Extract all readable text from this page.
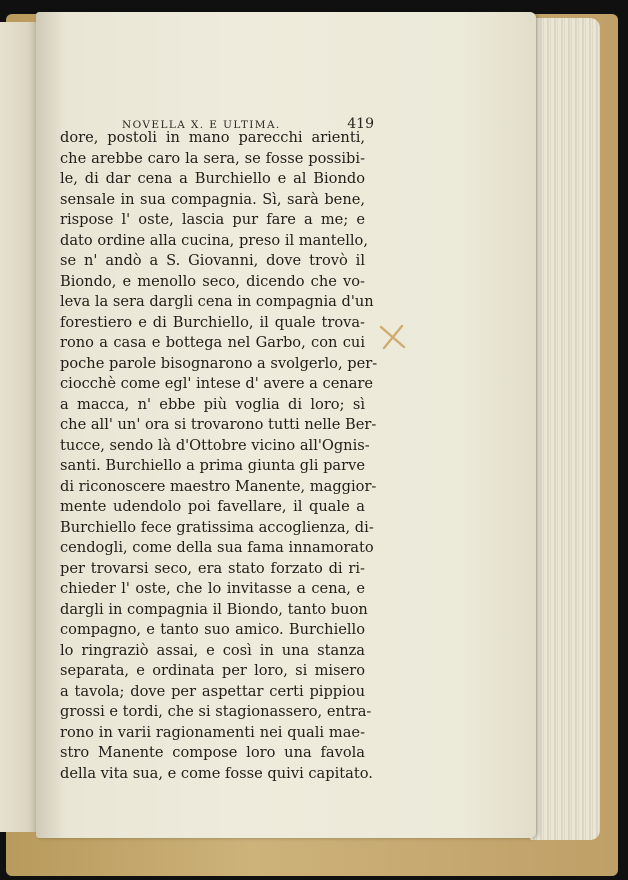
NOVELLA X. E ULTIMA.	419
dore, postoli in mano parecchi arienti,
che arebbe caro la sera, se fosse possibi-
le, di dar cena a Burchiello e al Biondo
sensale in sua compagnia. Sì, sarà bene,
rispose l' oste, lascia pur fare a me; e
dato ordine alla cucina, preso il mantello,
se n' andò a S. Giovanni, dove trovò il
Biondo, e menollo seco, dicendo che vo-
leva la sera dargli cena in compagnia d'un
forestiero e di Burchiello, il quale trova-
rono a casa e bottega nel Garbo, con cui
poche parole bisognarono a svolgerlo, per-
ciocchè come egl' intese d' avere a cenare
a macca, n' ebbe più voglia di loro; sì
che all' un' ora si trovarono tutti nelle Ber-
tucce, sendo là d'Ottobre vicino all'Ognis-
santi. Burchiello a prima giunta gli parve
di riconoscere maestro Manente, maggior-
mente udendolo poi favellare, il quale a
Burchiello fece gratissima accoglienza, di-
cendogli, come della sua fama innamorato
per trovarsi seco, era stato forzato di ri-
chieder l' oste, che lo invitasse a cena, e
dargli in compagnia il Biondo, tanto buon
compagno, e tanto suo amico. Burchiello
lo ringraziò assai, e così in una stanza
separata, e ordinata per loro, si misero
a tavola; dove per aspettar certi pippiou
grossi e tordi, che si stagionassero, entra-
rono in varii ragionamenti nei quali mae-
stro Manente compose loro una favola
della vita sua, e come fosse quivi capitato.
